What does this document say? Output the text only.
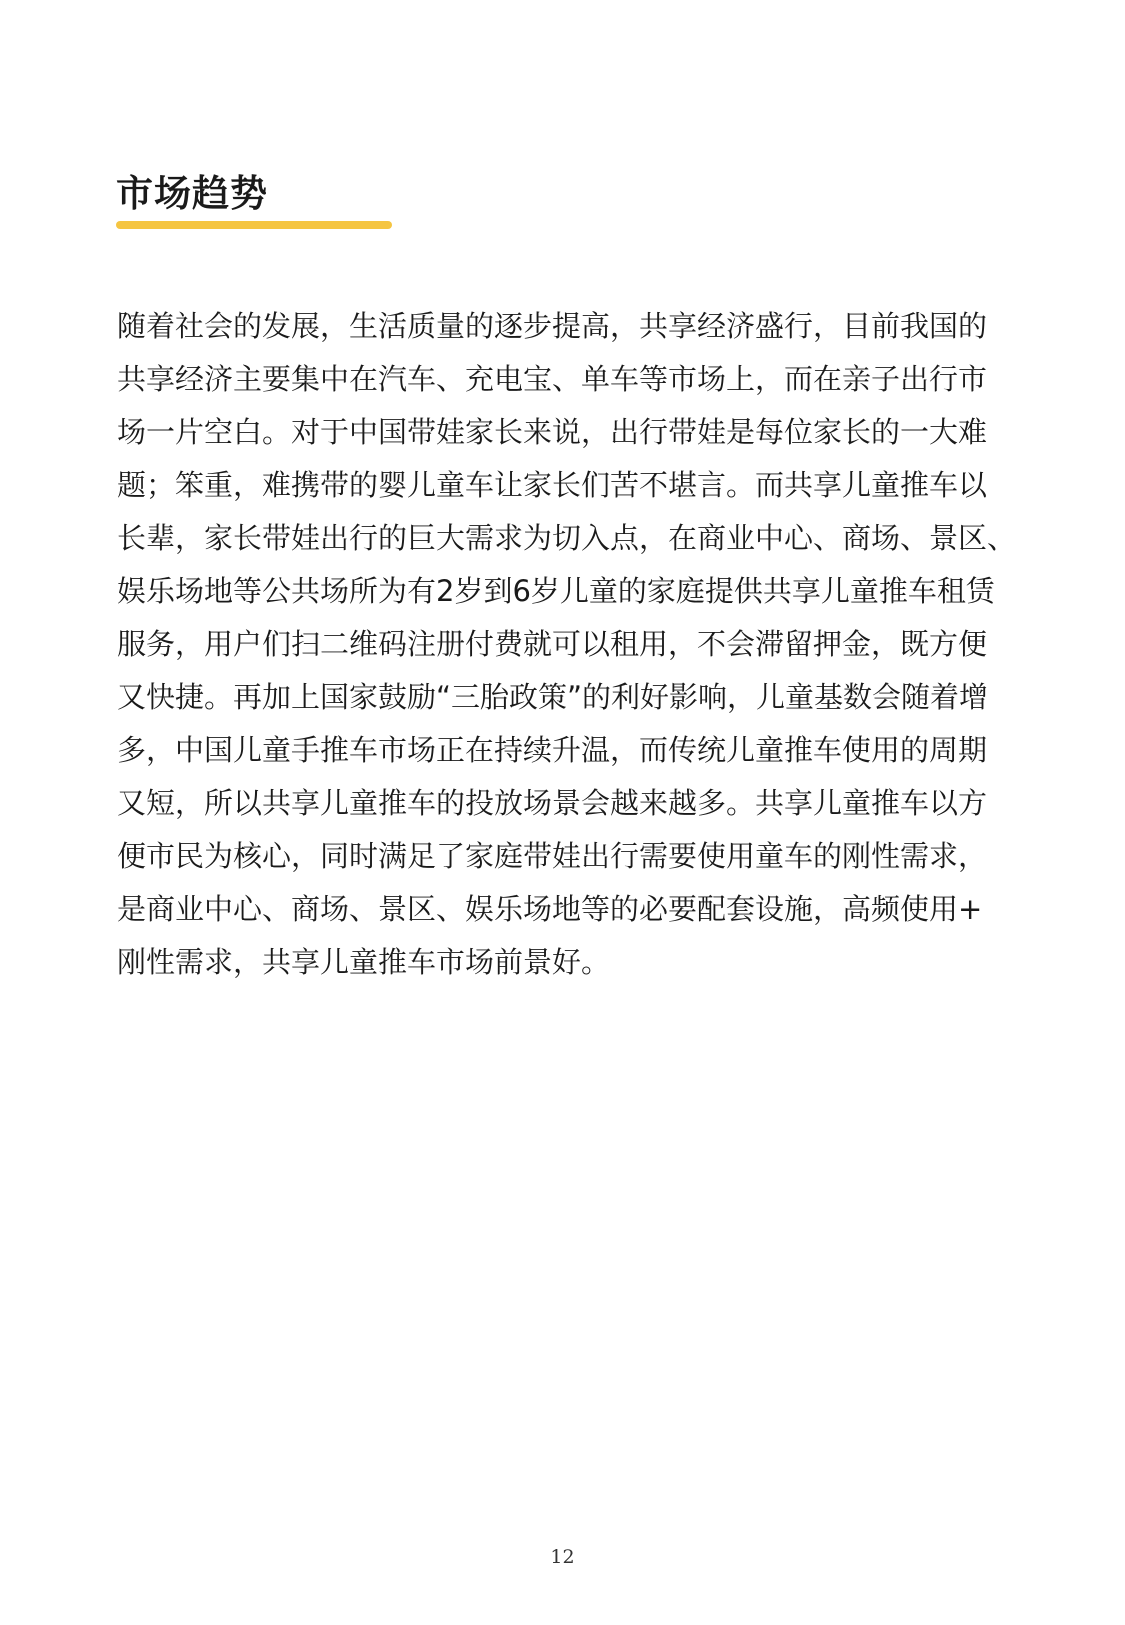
市场趋势
随着社会的发展，生活质量的逐步提高，共享经济盛行，目前我国的
共享经济主要集中在汽车、充电宝、单车等市场上，而在亲子出行市
场一片空白。对于中国带娃家长来说，出行带娃是每位家长的一大难
题；笨重，难携带的婴儿童车让家长们苦不堪言。而共享儿童推车以
长辈，家长带娃出行的巨大需求为切入点，在商业中心、商场、景区、
娱乐场地等公共场所为有2岁到6岁儿童的家庭提供共享儿童推车租赁
服务，用户们扫二维码注册付费就可以租用，不会滞留押金，既方便
又快捷。再加上国家鼓励“三胎政策”的利好影响，儿童基数会随着增
多，中国儿童手推车市场正在持续升温，而传统儿童推车使用的周期
又短，所以共享儿童推车的投放场景会越来越多。共享儿童推车以方
便市民为核心，同时满足了家庭带娃出行需要使用童车的刚性需求，
是商业中心、商场、景区、娱乐场地等的必要配套设施，高频使用+
刚性需求，共享儿童推车市场前景好。
12
